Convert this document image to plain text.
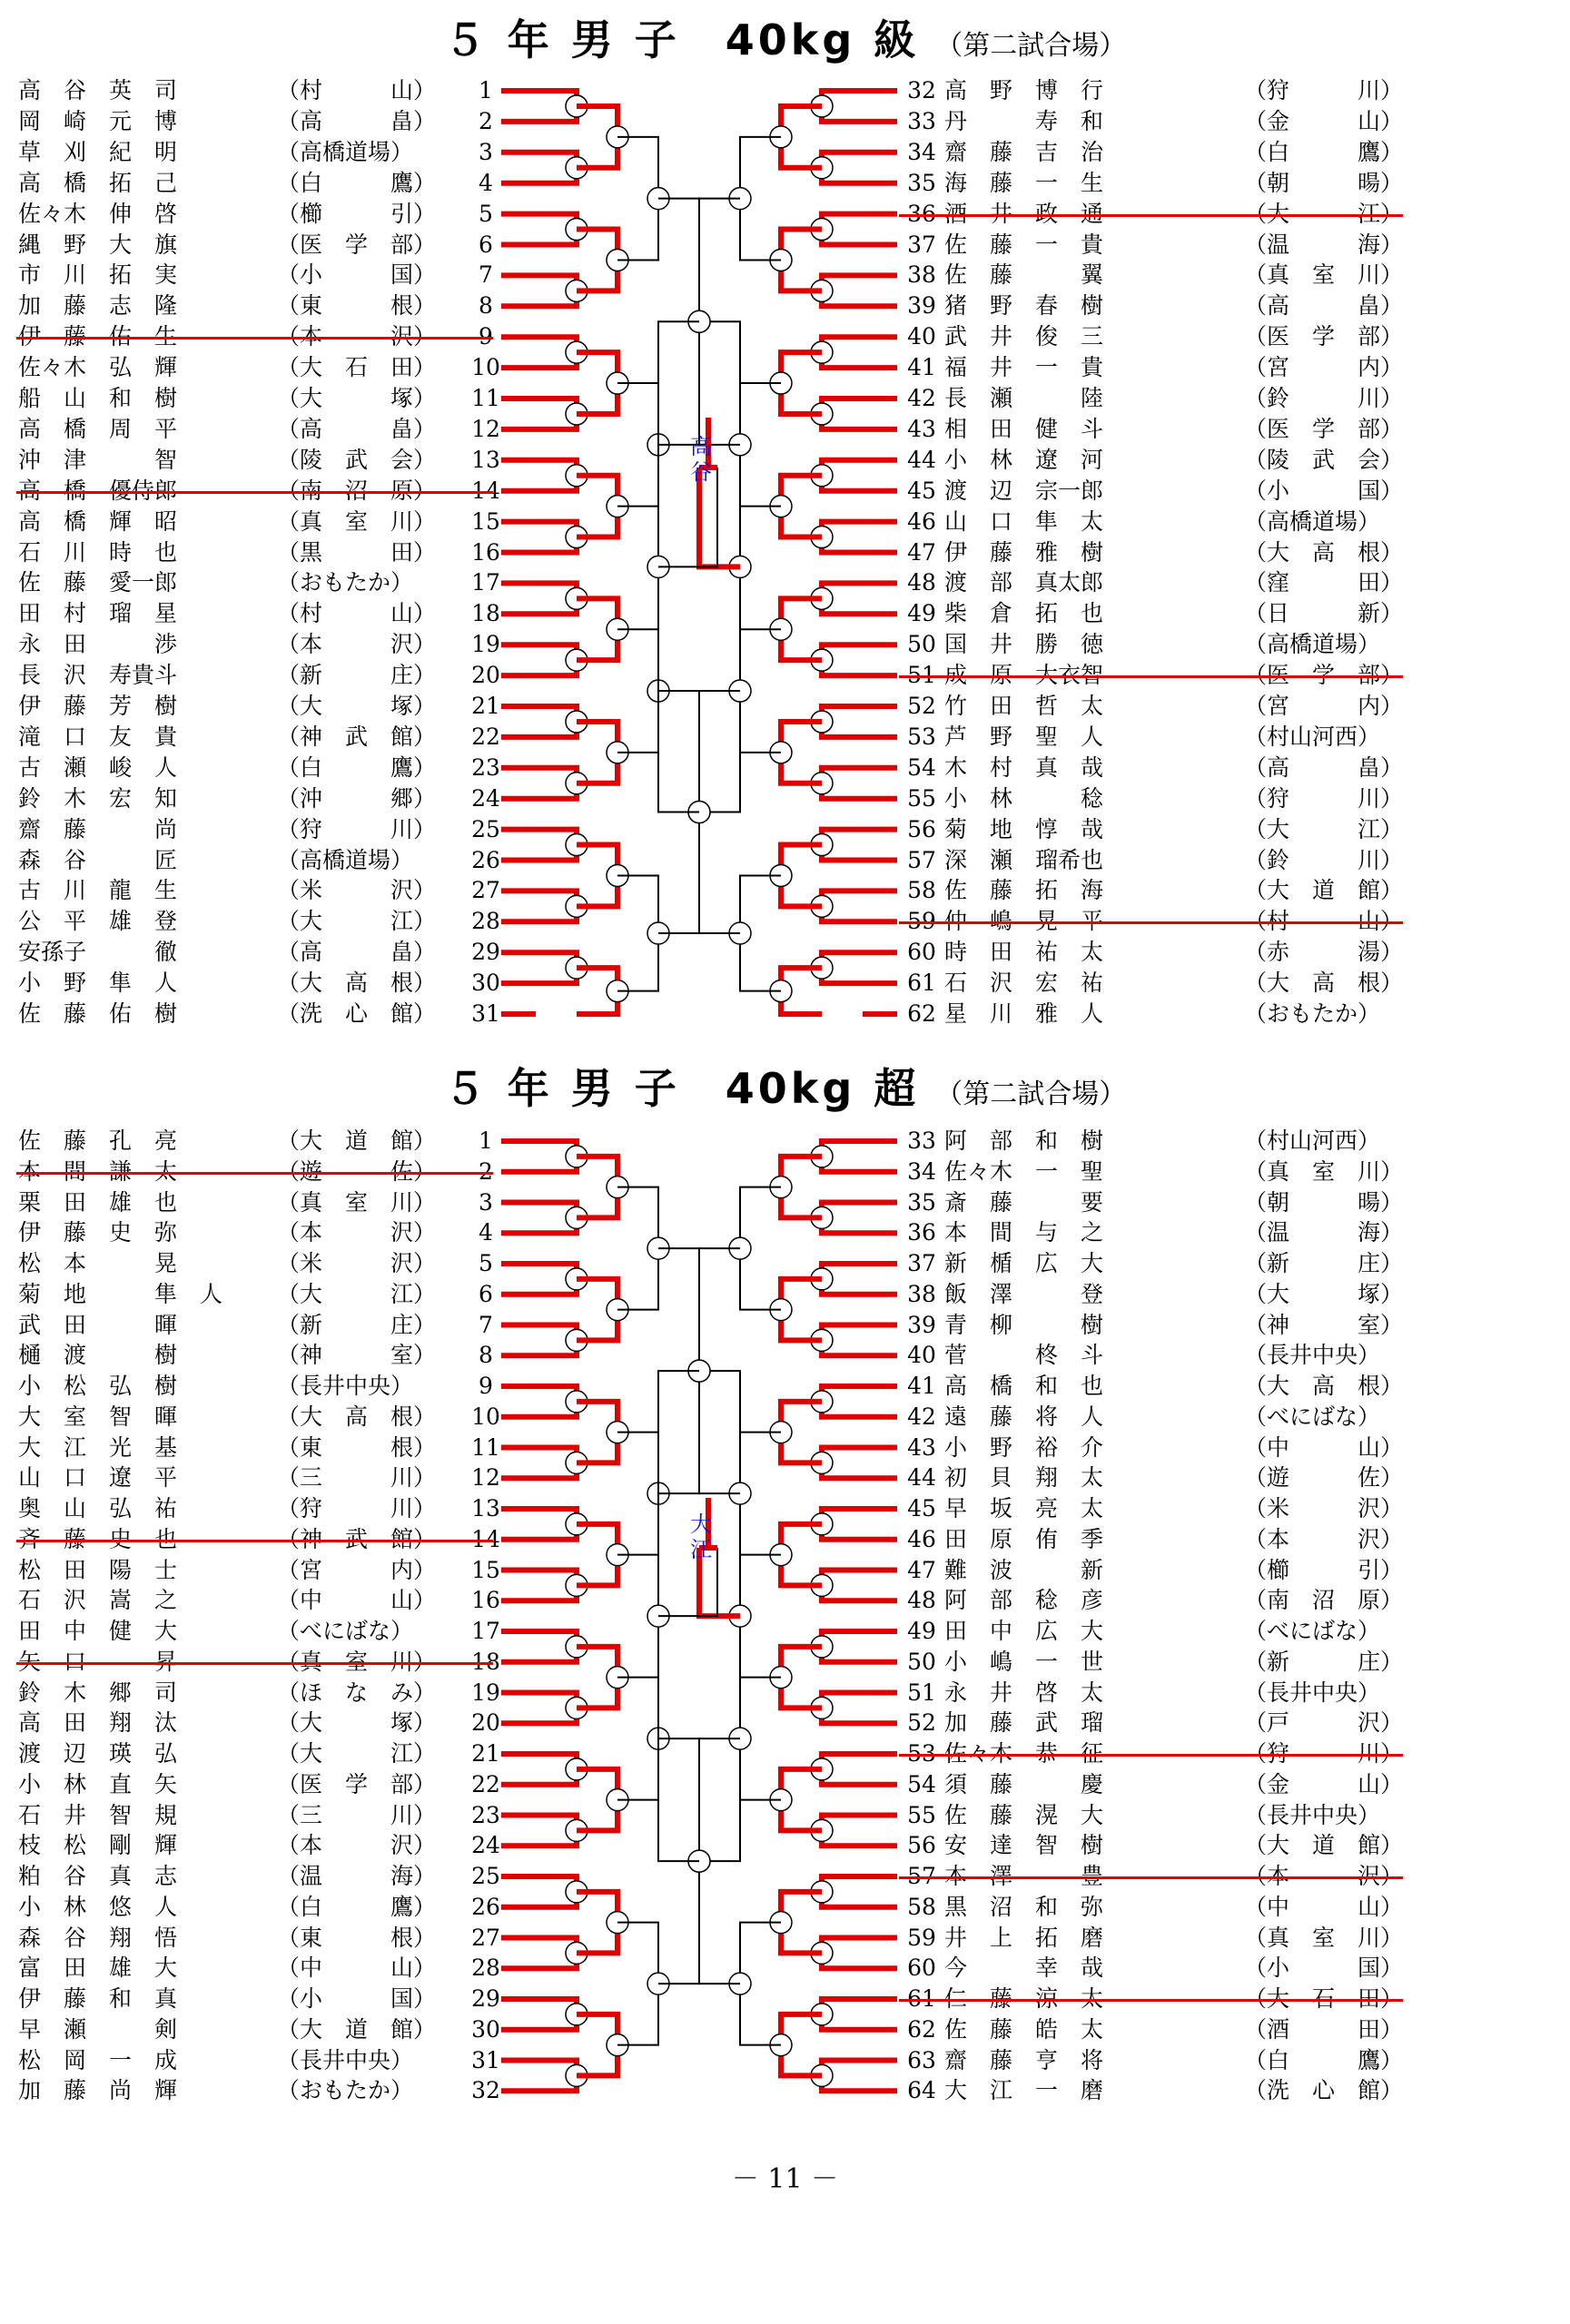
５ 年 男 子　40kg 級 （第二試合場）
５ 年 男 子　40kg 超 （第二試合場）
高　谷　英　司	（村　　　山） 1
岡　崎　元　博	（高　　　畠） 2
草　刈　紀　明	（高橋道場）	3
高　橋　拓　己	（白　　　鷹） 4
佐々木　伸　啓	（櫛　　　引） 5
縄　野　大　旗	（医　学　部） 6
市　川　拓　実	（小　　　国） 7
加　藤　志　隆	（東　　　根） 8
伊　藤　佑　生	（本　　　沢） 9
佐々木　弘　輝	（大　石　田） 10
船　山　和　樹	（大　　　塚） 11
高　橋　周　平	（高　　　畠） 12
沖　津　　　智	（陵　武　会） 13
高　橋　優侍郎	（南　沼　原） 14
高　橋　輝　昭	（真　室　川） 15
石　川　時　也	（黒　　　田） 16
佐　藤　愛一郎	（おもたか）	17
田　村　瑠　星	（村　　　山） 18
永　田　　　渉	（本　　　沢） 19
長　沢　寿貴斗	（新　　　庄） 20
伊　藤　芳　樹	（大　　　塚） 21
滝　口　友　貴	（神　武　館） 22
古　瀬　峻　人	（白　　　鷹） 23
鈴　木　宏　知	（沖　　　郷） 24
齋　藤　　　尚	（狩　　　川） 25
森　谷　　　匠	（高橋道場）	26
古　川　龍　生	（米　　　沢） 27
公　平　雄　登	（大　　　江） 28
安孫子　　　徹	（高　　　畠） 29
小　野　隼　人	（大　高　根） 30
佐　藤　佑　樹	（洗　心　館） 31
32 高　野　博　行	（狩　　　川）
33 丹　　　寿　和	（金　　　山）
34 齋　藤　吉　治	（白　　　鷹）
35 海　藤　一　生	（朝　　　暘）
36 酒　井　政　通	（大　　　江）
37 佐　藤　一　貴	（温　　　海）
38 佐　藤　　　翼	（真　室　川）
39 猪　野　春　樹	（高　　　畠）
40 武　井　俊　三	（医　学　部）
41 福　井　一　貴	（宮　　　内）
42 長　瀬　　　陸	（鈴　　　川）
43 相　田　健　斗	（医　学　部）
44 小　林　遼　河	（陵　武　会）
45 渡　辺　宗一郎	（小　　　国）
46 山　口　隼　太	（高橋道場）
47 伊　藤　雅　樹	（大　高　根）
48 渡　部　真太郎	（窪　　　田）
49 柴　倉　拓　也	（日　　　新）
50 国　井　勝　徳	（高橋道場）
51 成　原　大衣智	（医　学　部）
52 竹　田　哲　太	（宮　　　内）
53 芦　野　聖　人	（村山河西）
54 木　村　真　哉	（高　　　畠）
55 小　林　　　稔	（狩　　　川）
56 菊　地　惇　哉	（大　　　江）
57 深　瀬　瑠希也	（鈴　　　川）
58 佐　藤　拓　海	（大　道　館）
59 仲　嶋　晃　平	（村　　　山）
60 時　田　祐　太	（赤　　　湯）
61 石　沢　宏　祐	（大　高　根）
62 星　川　雅　人	（おもたか）
佐　藤　孔　亮	（大　道　館） 1
本　間　謙　太	（遊　　　佐） 2
栗　田　雄　也	（真　室　川） 3
伊　藤　史　弥	（本　　　沢） 4
松　本　　　晃	（米　　　沢） 5
菊　地　　　隼　人 （大　　　江） 6
武　田　　　暉	（新　　　庄） 7
樋　渡　　　樹	（神　　　室） 8
小　松　弘　樹	（長井中央）	9
大　室　智　暉	（大　高　根） 10
大　江　光　基	（東　　　根） 11
山　口　遼　平	（三　　　川） 12
奥　山　弘　祐	（狩　　　川） 13
斉　藤　史　也	（神　武　館） 14
松　田　陽　士	（宮　　　内） 15
石　沢　嵩　之	（中　　　山） 16
田　中　健　大	（べにばな）	17
矢　口　　　昇	（真　室　川） 18
鈴　木　郷　司	（ほ　な　み） 19
高　田　翔　汰	（大　　　塚） 20
渡　辺　瑛　弘	（大　　　江） 21
小　林　直　矢	（医　学　部） 22
石　井　智　規	（三　　　川） 23
枝　松　剛　輝	（本　　　沢） 24
粕　谷　真　志	（温　　　海） 25
小　林　悠　人	（白　　　鷹） 26
森　谷　翔　悟	（東　　　根） 27
富　田　雄　大	（中　　　山） 28
伊　藤　和　真	（小　　　国） 29
早　瀬　　　剣	（大　道　館） 30
松　岡　一　成	（長井中央）	31
加　藤　尚　輝	（おもたか）	32
33 阿　部　和　樹	（村山河西）
34 佐々木　一　聖	（真　室　川）
35 斎　藤　　　要	（朝　　　暘）
36 本　間　与　之	（温　　　海）
37 新　楯　広　大	（新　　　庄）
38 飯　澤　　　登	（大　　　塚）
39 青　柳　　　樹	（神　　　室）
40 菅　　　柊　斗	（長井中央）
41 高　橋　和　也	（大　高　根）
42 遠　藤　将　人	（べにばな）
43 小　野　裕　介	（中　　　山）
44 初　貝　翔　太	（遊　　　佐）
45 早　坂　亮　太	（米　　　沢）
46 田　原　侑　季	（本　　　沢）
47 難　波　　　新	（櫛　　　引）
48 阿　部　稔　彦	（南　沼　原）
49 田　中　広　大	（べにばな）
50 小　嶋　一　世	（新　　　庄）
51 永　井　啓　太	（長井中央）
52 加　藤　武　瑠	（戸　　　沢）
53 佐々木　恭　征	（狩　　　川）
54 須　藤　　　慶	（金　　　山）
55 佐　藤　滉　大	（長井中央）
56 安　達　智　樹	（大　道　館）
57 本　澤　　　豊	（本　　　沢）
58 黒　沼　和　弥	（中　　　山）
59 井　上　拓　磨	（真　室　川）
60 今　　　幸　哉	（小　　　国）
61 仁　藤　涼　太	（大　石　田）
62 佐　藤　皓　太	（酒　　　田）
63 齋　藤　亨　将	（白　　　鷹）
64 大　江　一　磨	（洗　心　館）
高谷
大江
－ 11 －
